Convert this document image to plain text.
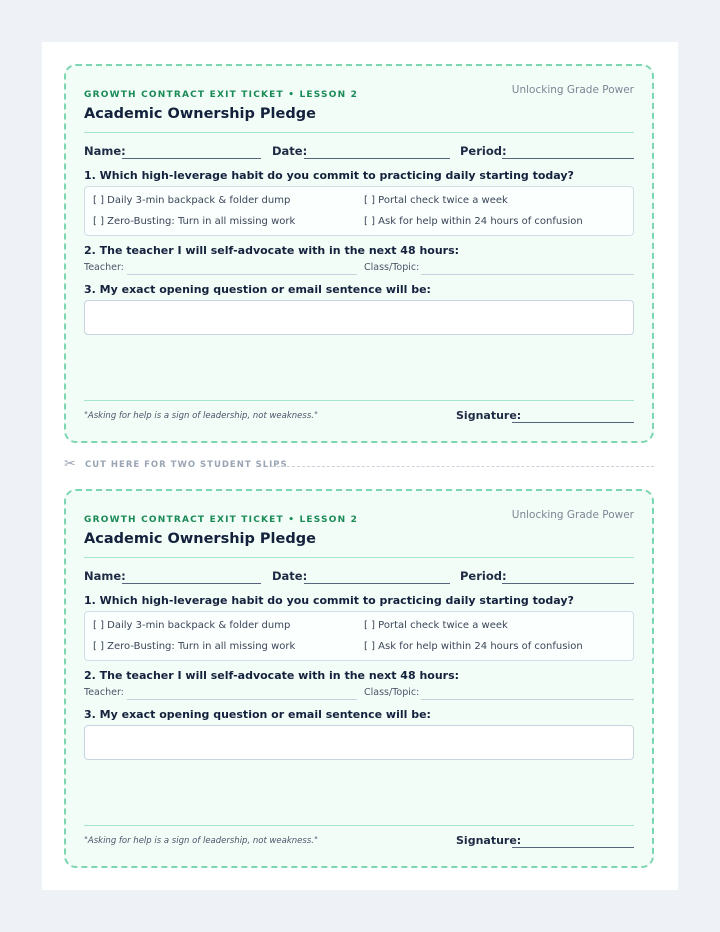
GROWTH CONTRACT EXIT TICKET • LESSON 2	Unlocking Grade Power
Academic Ownership Pledge
Name:	Date:	Period:
1. Which high-leverage habit do you commit to practicing daily starting today?
[ ] Daily 3-min backpack & folder dump	[ ] Portal check twice a week
[ ] Zero-Busting: Turn in all missing work	[ ] Ask for help within 24 hours of confusion
2. The teacher I will self-advocate with in the next 48 hours:
Teacher:	Class/Topic:
3. My exact opening question or email sentence will be:
"Asking for help is a sign of leadership, not weakness."	Signature:
✂ CUT HERE FOR TWO STUDENT SLIPS
GROWTH CONTRACT EXIT TICKET • LESSON 2	Unlocking Grade Power
Academic Ownership Pledge
Name:	Date:	Period:
1. Which high-leverage habit do you commit to practicing daily starting today?
[ ] Daily 3-min backpack & folder dump	[ ] Portal check twice a week
[ ] Zero-Busting: Turn in all missing work	[ ] Ask for help within 24 hours of confusion
2. The teacher I will self-advocate with in the next 48 hours:
Teacher:	Class/Topic:
3. My exact opening question or email sentence will be:
"Asking for help is a sign of leadership, not weakness."	Signature:
